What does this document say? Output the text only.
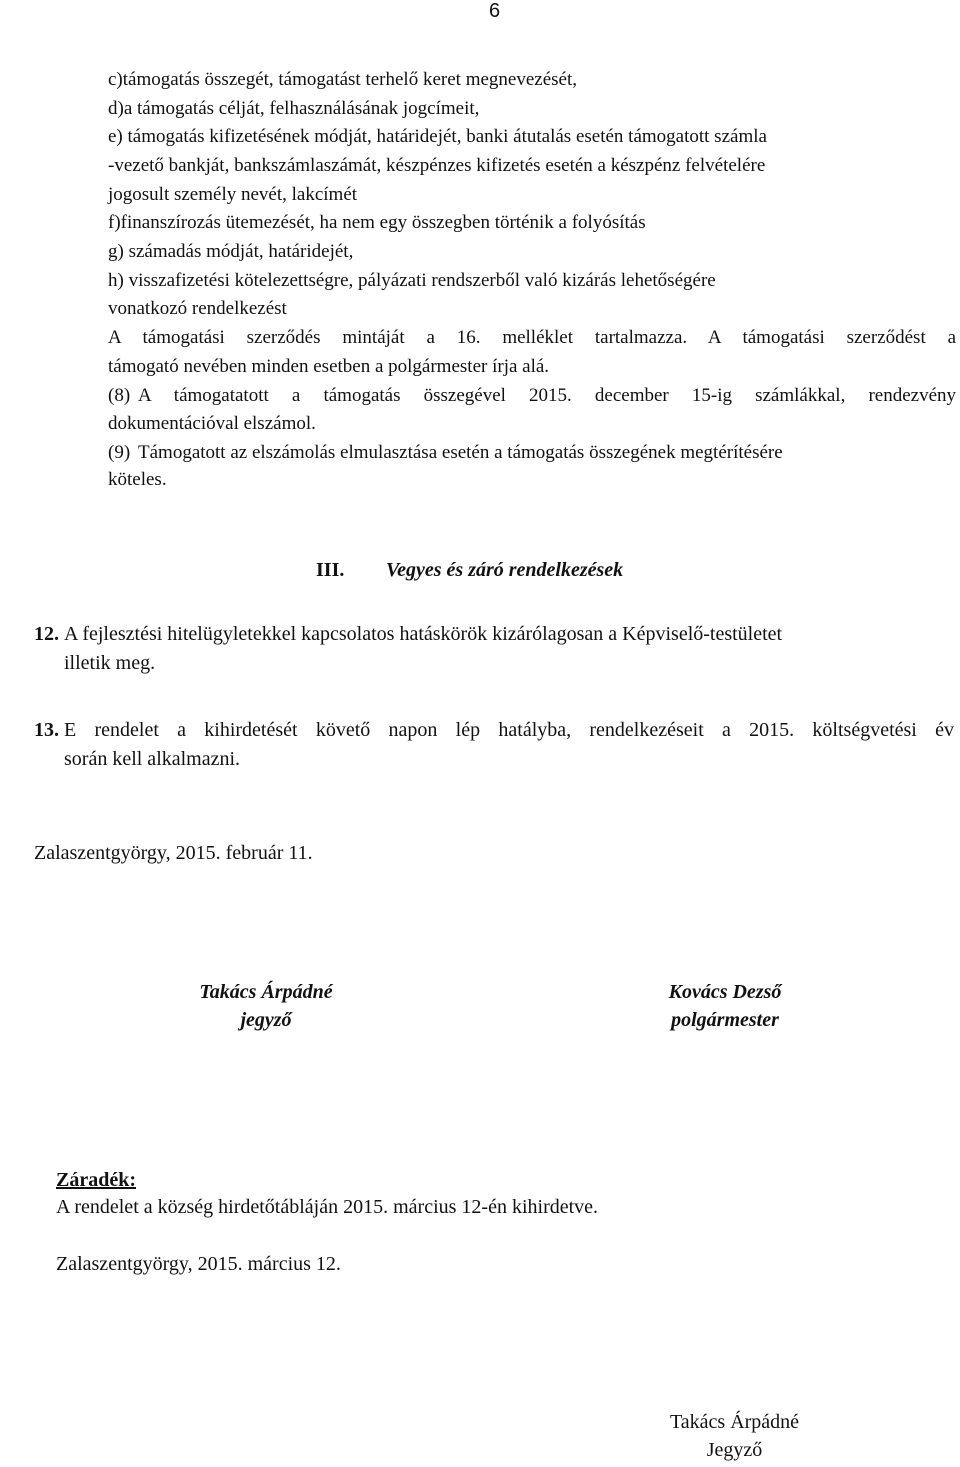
6
c)támogatás összegét, támogatást terhelő keret megnevezését,
d)a támogatás célját, felhasználásának jogcímeit,
e) támogatás kifizetésének módját, határidejét, banki átutalás esetén támogatott számla
-vezető bankját, bankszámlaszámát, készpénzes kifizetés esetén a készpénz felvételére
jogosult személy nevét, lakcímét
f)finanszírozás ütemezését, ha nem egy összegben történik a folyósítás
g) számadás módját, határidejét,
h) visszafizetési kötelezettségre, pályázati rendszerből való kizárás lehetőségére
vonatkozó rendelkezést
A támogatási szerződés mintáját a 16. melléklet tartalmazza. A támogatási szerződést a
támogató nevében minden esetben a polgármester írja alá.
(8) A támogatatott a támogatás összegével 2015. december 15-ig számlákkal, rendezvény
dokumentációval elszámol.
(9) Támogatott az elszámolás elmulasztása esetén a támogatás összegének megtérítésére
köteles.
III. Vegyes és záró rendelkezések
12. A fejlesztési hitelügyletekkel kapcsolatos hatáskörök kizárólagosan a Képviselő-testületet
illetik meg.
13. E rendelet a kihirdetését követő napon lép hatályba, rendelkezéseit a 2015. költségvetési év
során kell alkalmazni.
Zalaszentgyörgy, 2015. február 11.
Takács Árpádné
jegyző
Kovács Dezső
polgármester
Záradék:
A rendelet a község hirdetőtábláján 2015. március 12-én kihirdetve.
Zalaszentgyörgy, 2015. március 12.
Takács Árpádné
Jegyző
